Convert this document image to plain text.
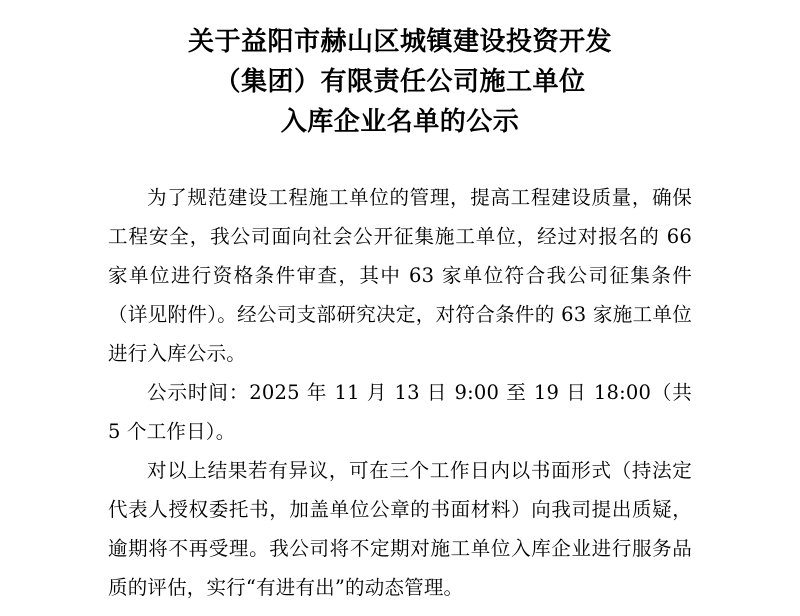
关于益阳市赫山区城镇建设投资开发
（集团）有限责任公司施工单位
入库企业名单的公示

为了规范建设工程施工单位的管理，提高工程建设质量，确保工程安全，我公司面向社会公开征集施工单位，经过对报名的 66 家单位进行资格条件审查，其中 63 家单位符合我公司征集条件（详见附件）。经公司支部研究决定，对符合条件的 63 家施工单位进行入库公示。

公示时间：2025 年 11 月 13 日 9:00 至 19 日 18:00（共 5 个工作日）。

对以上结果若有异议，可在三个工作日内以书面形式（持法定代表人授权委托书，加盖单位公章的书面材料）向我司提出质疑，逾期将不再受理。我公司将不定期对施工单位入库企业进行服务品质的评估，实行“有进有出”的动态管理。
